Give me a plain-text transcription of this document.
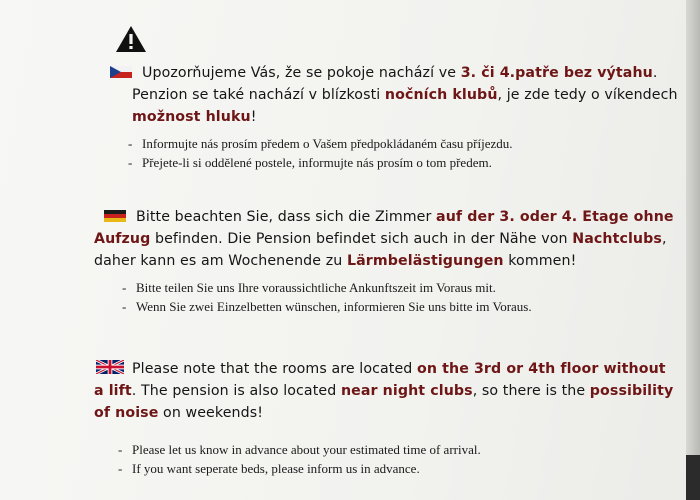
Upozorňujeme Vás, že se pokoje nachází ve 3. či 4.patře bez výtahu.
Penzion se také nachází v blízkosti nočních klubů, je zde tedy o víkendech
možnost hluku!
- Informujte nás prosím předem o Vašem předpokládaném času příjezdu.
- Přejete-li si oddělené postele, informujte nás prosím o tom předem.
Bitte beachten Sie, dass sich die Zimmer auf der 3. oder 4. Etage ohne
Aufzug befinden. Die Pension befindet sich auch in der Nähe von Nachtclubs,
daher kann es am Wochenende zu Lärmbelästigungen kommen!
- Bitte teilen Sie uns Ihre voraussichtliche Ankunftszeit im Voraus mit.
- Wenn Sie zwei Einzelbetten wünschen, informieren Sie uns bitte im Voraus.
Please note that the rooms are located on the 3rd or 4th floor without
a lift. The pension is also located near night clubs, so there is the possibility
of noise on weekends!
- Please let us know in advance about your estimated time of arrival.
- If you want seperate beds, please inform us in advance.
